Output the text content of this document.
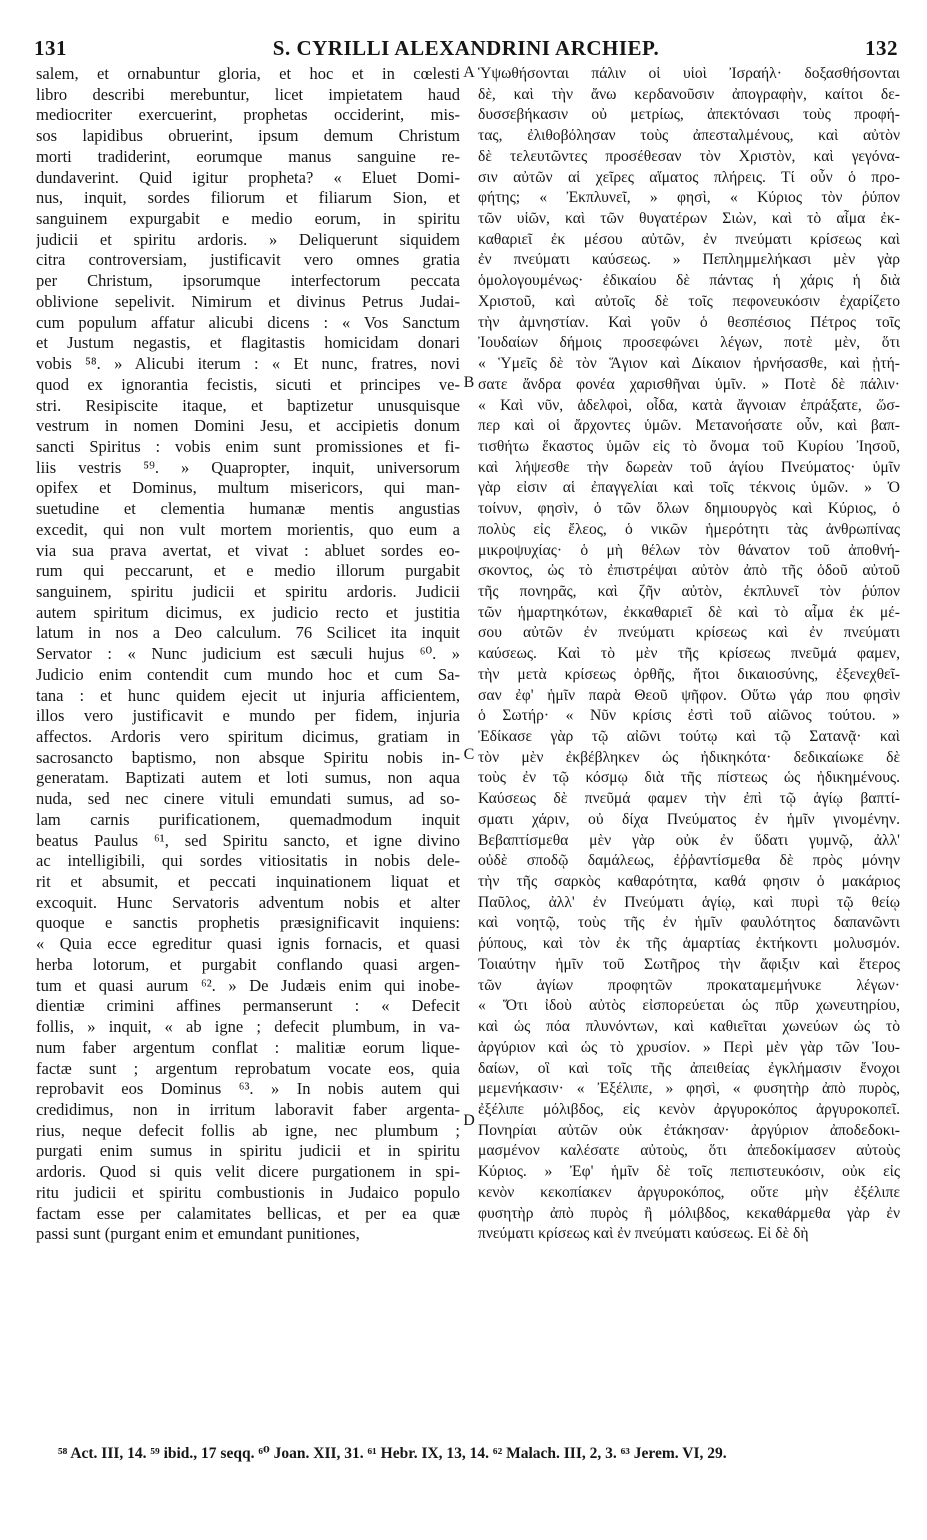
131	S. CYRILLI ALEXANDRINI ARCHIEP.	132
salem, et ornabuntur gloria, et hoc et in cœlesti
libro describi merebuntur, licet impietatem haud
mediocriter exercuerint, prophetas occiderint, mis-
sos lapidibus obruerint, ipsum demum Christum
morti tradiderint, eorumque manus sanguine re-
dundaverint. Quid igitur propheta? « Eluet Domi-
nus, inquit, sordes filiorum et filiarum Sion, et
sanguinem expurgabit e medio eorum, in spiritu
judicii et spiritu ardoris. » Deliquerunt siquidem
citra controversiam, justificavit vero omnes gratia
per Christum, ipsorumque interfectorum peccata
oblivione sepelivit. Nimirum et divinus Petrus Judai-
cum populum affatur alicubi dicens : « Vos Sanctum
et Justum negastis, et flagitastis homicidam donari
vobis ⁵⁸. » Alicubi iterum : « Et nunc, fratres, novi
quod ex ignorantia fecistis, sicuti et principes ve-
stri. Resipiscite itaque, et baptizetur unusquisque
vestrum in nomen Domini Jesu, et accipietis donum
sancti Spiritus : vobis enim sunt promissiones et fi-
liis vestris ⁵⁹. » Quapropter, inquit, universorum
opifex et Dominus, multum misericors, qui man-
suetudine et clementia humanæ mentis angustias
excedit, qui non vult mortem morientis, quo eum a
via sua prava avertat, et vivat : abluet sordes eo-
rum qui peccarunt, et e medio illorum purgabit
sanguinem, spiritu judicii et spiritu ardoris. Judicii
autem spiritum dicimus, ex judicio recto et justitia
latum in nos a Deo calculum. 76 Scilicet ita inquit
Servator : « Nunc judicium est sæculi hujus ⁶⁰. »
Judicio enim contendit cum mundo hoc et cum Sa-
tana : et hunc quidem ejecit ut injuria afficientem,
illos vero justificavit e mundo per fidem, injuria
affectos. Ardoris vero spiritum dicimus, gratiam in
sacrosancto baptismo, non absque Spiritu nobis in-
generatam. Baptizati autem et loti sumus, non aqua
nuda, sed nec cinere vituli emundati sumus, ad so-
lam carnis purificationem, quemadmodum inquit
beatus Paulus ⁶¹, sed Spiritu sancto, et igne divino
ac intelligibili, qui sordes vitiositatis in nobis dele-
rit et absumit, et peccati inquinationem liquat et
excoquit. Hunc Servatoris adventum nobis et alter
quoque e sanctis prophetis præsignificavit inquiens:
« Quia ecce egreditur quasi ignis fornacis, et quasi
herba lotorum, et purgabit conflando quasi argen-
tum et quasi aurum ⁶². » De Judæis enim qui inobe-
dientiæ crimini affines permanserunt : « Defecit
follis, » inquit, « ab igne ; defecit plumbum, in va-
num faber argentum conflat : malitiæ eorum lique-
factæ sunt ; argentum reprobatum vocate eos, quia
reprobavit eos Dominus ⁶³. » In nobis autem qui
credidimus, non in irritum laboravit faber argenta-
rius, neque defecit follis ab igne, nec plumbum ;
purgati enim sumus in spiritu judicii et in spiritu
ardoris. Quod si quis velit dicere purgationem in spi-
ritu judicii et spiritu combustionis in Judaico populo
factam esse per calamitates bellicas, et per ea quæ
passi sunt (purgant enim et emundant punitiones,
Ὑψωθήσονται πάλιν οἱ υἱοὶ Ἰσραήλ· δοξασθήσονται
δὲ, καὶ τὴν ἄνω κερδανοῦσιν ἀπογραφὴν, καίτοι δε-
δυσσεβήκασιν οὐ μετρίως, ἀπεκτόνασι τοὺς προφή-
τας, ἐλιθοβόλησαν τοὺς ἀπεσταλμένους, καὶ αὐτὸν
δὲ τελευτῶντες προσέθεσαν τὸν Χριστὸν, καὶ γεγόνα-
σιν αὐτῶν αἱ χεῖρες αἵματος πλήρεις. Τί οὖν ὁ προ-
φήτης; « Ἐκπλυνεῖ, » φησὶ, « Κύριος τὸν ῥύπον
τῶν υἱῶν, καὶ τῶν θυγατέρων Σιὼν, καὶ τὸ αἷμα ἐκ-
καθαριεῖ ἐκ μέσου αὐτῶν, ἐν πνεύματι κρίσεως καὶ
ἐν πνεύματι καύσεως. » Πεπλημμελήκασι μὲν γὰρ
ὁμολογουμένως· ἐδικαίου δὲ πάντας ἡ χάρις ἡ διὰ
Χριστοῦ, καὶ αὐτοῖς δὲ τοῖς πεφονευκόσιν ἐχαρίζετο
τὴν ἀμνηστίαν. Καὶ γοῦν ὁ θεσπέσιος Πέτρος τοῖς
Ἰουδαίων δήμοις προσεφώνει λέγων, ποτὲ μὲν, ὅτι
« Ὑμεῖς δὲ τὸν Ἅγιον καὶ Δίκαιον ἠρνήσασθε, καὶ ᾐτή-
σατε ἄνδρα φονέα χαρισθῆναι ὑμῖν. » Ποτὲ δὲ πάλιν·
« Καὶ νῦν, ἀδελφοὶ, οἶδα, κατὰ ἄγνοιαν ἐπράξατε, ὥσ-
περ καὶ οἱ ἄρχοντες ὑμῶν. Μετανοήσατε οὖν, καὶ βαπ-
τισθήτω ἕκαστος ὑμῶν εἰς τὸ ὄνομα τοῦ Κυρίου Ἰησοῦ,
καὶ λήψεσθε τὴν δωρεὰν τοῦ ἁγίου Πνεύματος· ὑμῖν
γὰρ εἰσιν αἱ ἐπαγγελίαι καὶ τοῖς τέκνοις ὑμῶν. » Ὁ
τοίνυν, φησὶν, ὁ τῶν ὅλων δημιουργὸς καὶ Κύριος, ὁ
πολὺς εἰς ἔλεος, ὁ νικῶν ἡμερότητι τὰς ἀνθρωπίνας
μικροψυχίας· ὁ μὴ θέλων τὸν θάνατον τοῦ ἀποθνή-
σκοντος, ὡς τὸ ἐπιστρέψαι αὐτὸν ἀπὸ τῆς ὁδοῦ αὐτοῦ
τῆς πονηρᾶς, καὶ ζῆν αὐτὸν, ἐκπλυνεῖ τὸν ῥύπον
τῶν ἡμαρτηκότων, ἐκκαθαριεῖ δὲ καὶ τὸ αἷμα ἐκ μέ-
σου αὐτῶν ἐν πνεύματι κρίσεως καὶ ἐν πνεύματι
καύσεως. Καὶ τὸ μὲν τῆς κρίσεως πνεῦμά φαμεν,
τὴν μετὰ κρίσεως ὀρθῆς, ἤτοι δικαιοσύνης, ἐξενεχθεῖ-
σαν ἐφ' ἡμῖν παρὰ Θεοῦ ψῆφον. Οὕτω γάρ που φησὶν
ὁ Σωτήρ· « Νῦν κρίσις ἐστὶ τοῦ αἰῶνος τούτου. »
Ἐδίκασε γὰρ τῷ αἰῶνι τούτῳ καὶ τῷ Σατανᾷ· καὶ
τὸν μὲν ἐκβέβληκεν ὡς ἠδικηκότα· δεδικαίωκε δὲ
τοὺς ἐν τῷ κόσμῳ διὰ τῆς πίστεως ὡς ἠδικημένους.
Καύσεως δὲ πνεῦμά φαμεν τὴν ἐπὶ τῷ ἁγίῳ βαπτί-
σματι χάριν, οὐ δίχα Πνεύματος ἐν ἡμῖν γινομένην.
Βεβαπτίσμεθα μὲν γὰρ οὐκ ἐν ὕδατι γυμνῷ, ἀλλ'
οὐδὲ σποδῷ δαμάλεως, ἐῤῥαντίσμεθα δὲ πρὸς μόνην
τὴν τῆς σαρκὸς καθαρότητα, καθά φησιν ὁ μακάριος
Παῦλος, ἀλλ' ἐν Πνεύματι ἁγίῳ, καὶ πυρὶ τῷ θείῳ
καὶ νοητῷ, τοὺς τῆς ἐν ἡμῖν φαυλότητος δαπανῶντι
ῥύπους, καὶ τὸν ἐκ τῆς ἁμαρτίας ἐκτήκοντι μολυσμόν.
Τοιαύτην ἡμῖν τοῦ Σωτῆρος τὴν ἄφιξιν καὶ ἕτερος
τῶν ἁγίων προφητῶν προκαταμεμήνυκε λέγων·
« Ὅτι ἰδοὺ αὐτὸς εἰσπορεύεται ὡς πῦρ χωνευτηρίου,
καὶ ὡς πόα πλυνόντων, καὶ καθιεῖται χωνεύων ὡς τὸ
ἀργύριον καὶ ὡς τὸ χρυσίον. » Περὶ μὲν γὰρ τῶν Ἰου-
δαίων, οἳ καὶ τοῖς τῆς ἀπειθείας ἐγκλήμασιν ἔνοχοι
μεμενήκασιν· « Ἐξέλιπε, » φησὶ, « φυσητὴρ ἀπὸ πυρὸς,
ἐξέλιπε μόλιβδος, εἰς κενὸν ἀργυροκόπος ἀργυροκοπεῖ.
Πονηρίαι αὐτῶν οὐκ ἐτάκησαν· ἀργύριον ἀποδεδοκι-
μασμένον καλέσατε αὐτοὺς, ὅτι ἀπεδοκίμασεν αὐτοὺς
Κύριος. » Ἐφ' ἡμῖν δὲ τοῖς πεπιστευκόσιν, οὐκ εἰς
κενὸν κεκοπίακεν ἀργυροκόπος, οὔτε μὴν ἐξέλιπε
φυσητὴρ ἀπὸ πυρὸς ἢ μόλιβδος, κεκαθάρμεθα γὰρ ἐν
πνεύματι κρίσεως καὶ ἐν πνεύματι καύσεως. Εἰ δὲ δὴ
A
B
C
D
⁵⁸ Act. III, 14. ⁵⁹ ibid., 17 seqq. ⁶⁰ Joan. XII, 31. ⁶¹ Hebr. IX, 13, 14. ⁶² Malach. III, 2, 3. ⁶³ Jerem. VI, 29.
